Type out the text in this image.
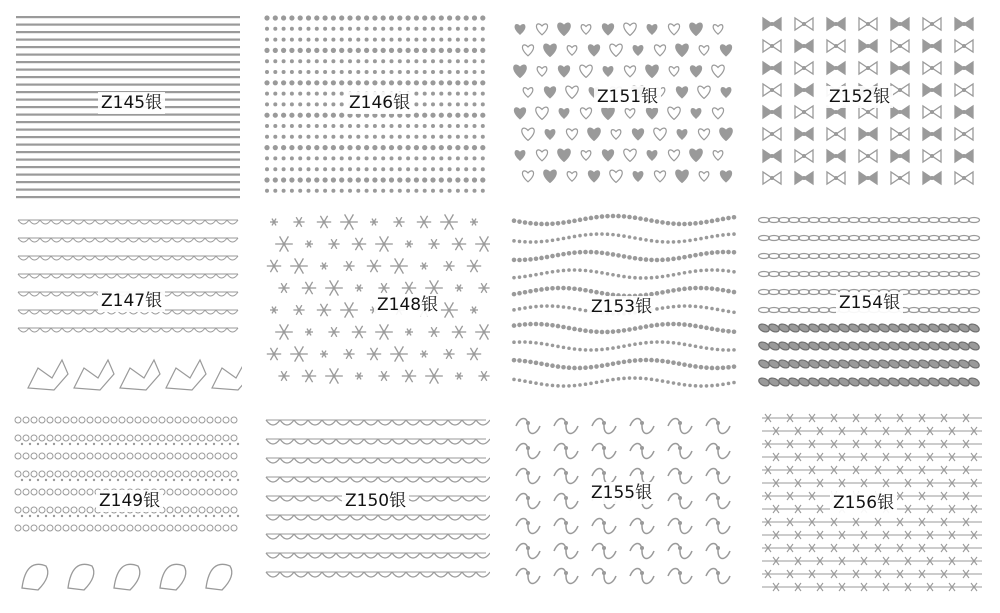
Z145银	Z146银	Z151银	Z152银
Z147银	Z148银	Z153银	Z154银
Z149银	Z150银	Z155银	Z156银
